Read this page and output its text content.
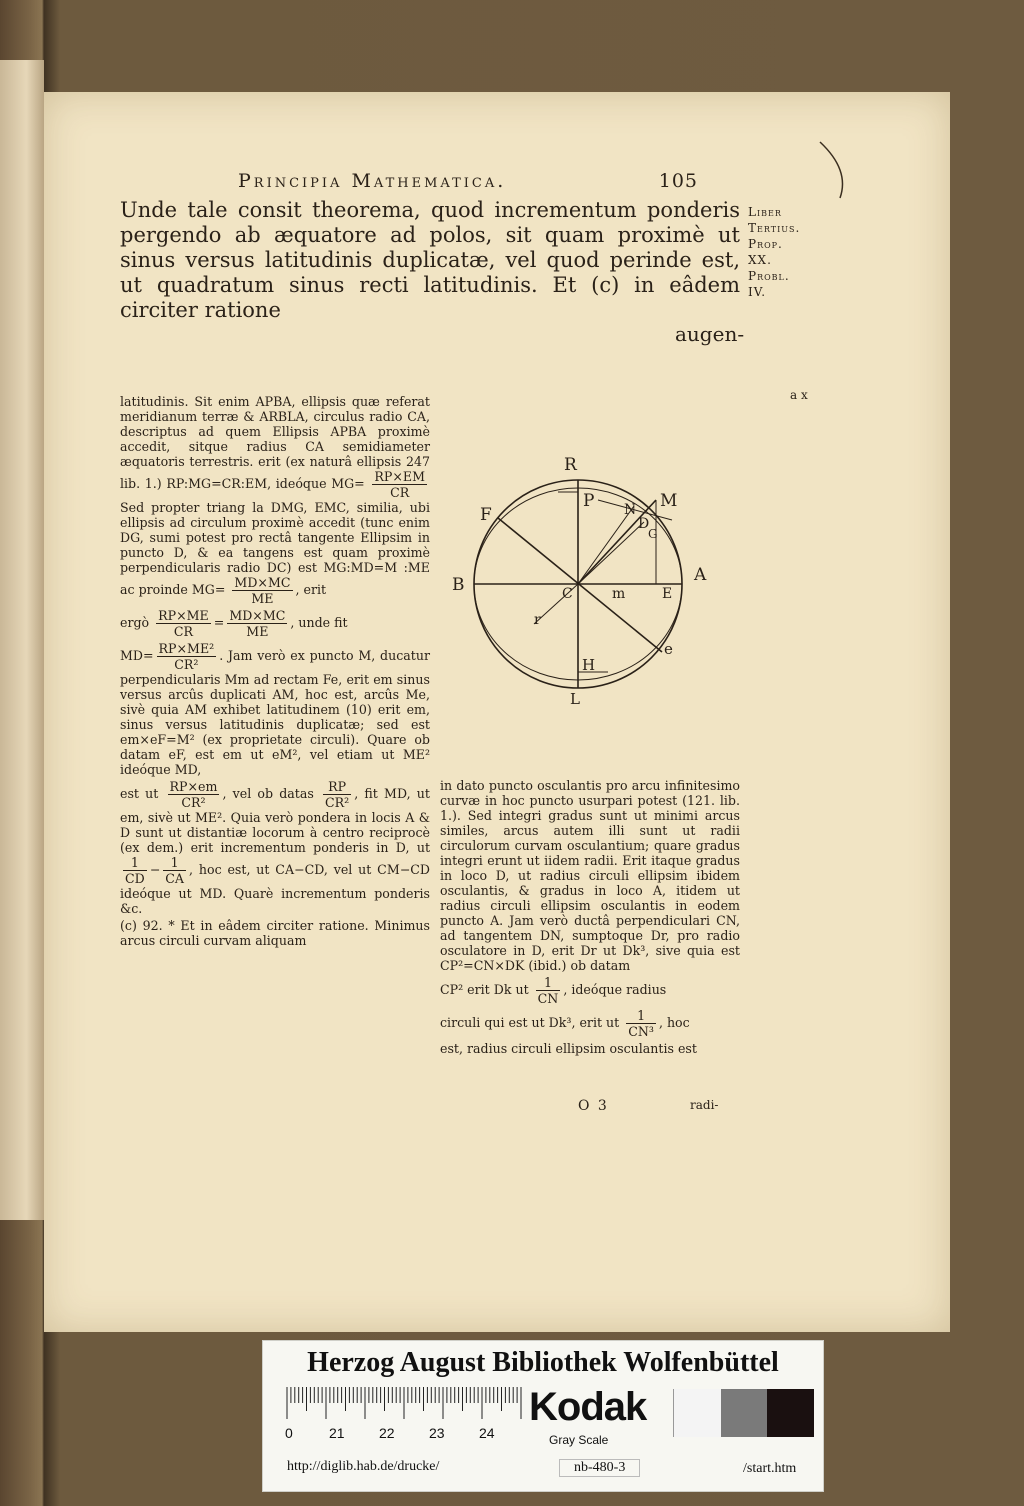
Principia Mathematica.	105
Unde tale consit theorema, quod incrementum ponderis pergendo ab æquatore ad polos, sit quam proximè ut sinus versus latitudinis duplicatæ, vel quod perinde est, ut quadratum sinus recti latitudinis. Et (c) in eâdem circiter ratione
Liber
Tertius.
Prop.
XX.
Probl.
IV.
augen-
a x

latitudinis. Sit enim APBA, ellipsis quæ referat meridianum terræ & ARBLA, circulus radio CA, descriptus ad quem Ellipsis APBA proximè accedit, sitque radius CA semidiameter æquatoris terrestris. erit (ex naturâ ellipsis 247 lib. 1.) RP:MG=CR:EM, ideóque $MG= \frac{RP\times EM}{CR}$
Sed propter triang la DMG, EMC, similia, ubi ellipsis ad circulum proximè accedit (tunc enim DG, sumi potest pro rectâ tangente Ellipsim in puncto D, & ea tangens est quam proximè perpendicularis radio DC) est MG:MD=M :ME ac proinde $MG= \frac{MD\times MC}{ME}$ , erit

ergò $\frac{RP\times ME}{CR} = \frac{MD\times MC}{ME}$ , unde fit

$MD= \frac{\text{RP×ME²}}{\text{CR²}}$ . Jam verò ex puncto M, ducatur perpendicularis Mm ad rectam Fe, erit em sinus versus arcûs duplicati AM, hoc est, arcûs Me, sivè quia AM exhibet latitudinem (10) erit em, sinus versus latitudinis duplicatæ; sed est em×eF=M² (ex proprietate circuli). Quare ob datam eF, est em ut eM², vel etiam ut ME² ideóque MD,

est ut $\frac{RP\times em}{\text{CR²}}$ , vel ob datas $\frac{RP}{\text{CR²}}$ , fit MD, ut em, sivè ut ME². Quia verò pondera in locis A & D sunt ut distantiæ locorum à centro reciprocè (ex dem.) erit incrementum ponderis in D, ut
$\frac{1}{CD} - \frac{1}{CA}$ , hoc est, ut CA−CD, vel ut CM−CD ideóque ut MD. Quarè incrementum ponderis &c.

(c) 92. * Et in eâdem circiter ratione. Minimus arcus circuli curvam aliquam

R
P N
D
M
F
G
B	C	m	E
A
r
H
L
e

in dato puncto osculantis pro arcu infinitesimo curvæ in hoc puncto usurpari potest (121. lib. 1.). Sed integri gradus sunt ut minimi arcus similes, arcus autem illi sunt ut radii circulorum curvam osculantium; quare gradus integri erunt ut iidem radii. Erit itaque gradus in loco D, ut radius circuli ellipsim ibidem osculantis, & gradus in loco A, itidem ut radius circuli ellipsim osculantis in eodem puncto A. Jam verò ductâ perpendiculari CN, ad tangentem DN, sumptoque Dr, pro radio osculatore in D, erit Dr ut Dk³, sive quia est CP²=CN×DK (ibid.) ob datam

CP² erit Dk ut $\frac{1}{CN}$ , ideóque radius

circuli qui est ut Dk³, erit ut $\frac{1}{\text{CN³}}$ , hoc

est, radius circuli ellipsim osculantis est

O 3	radi-
Herzog August Bibliothek Wolfenbüttel
0	21 22 23 24
Kodak
Gray Scale
http://diglib.hab.de/drucke/	nb-480-3	/start.htm
